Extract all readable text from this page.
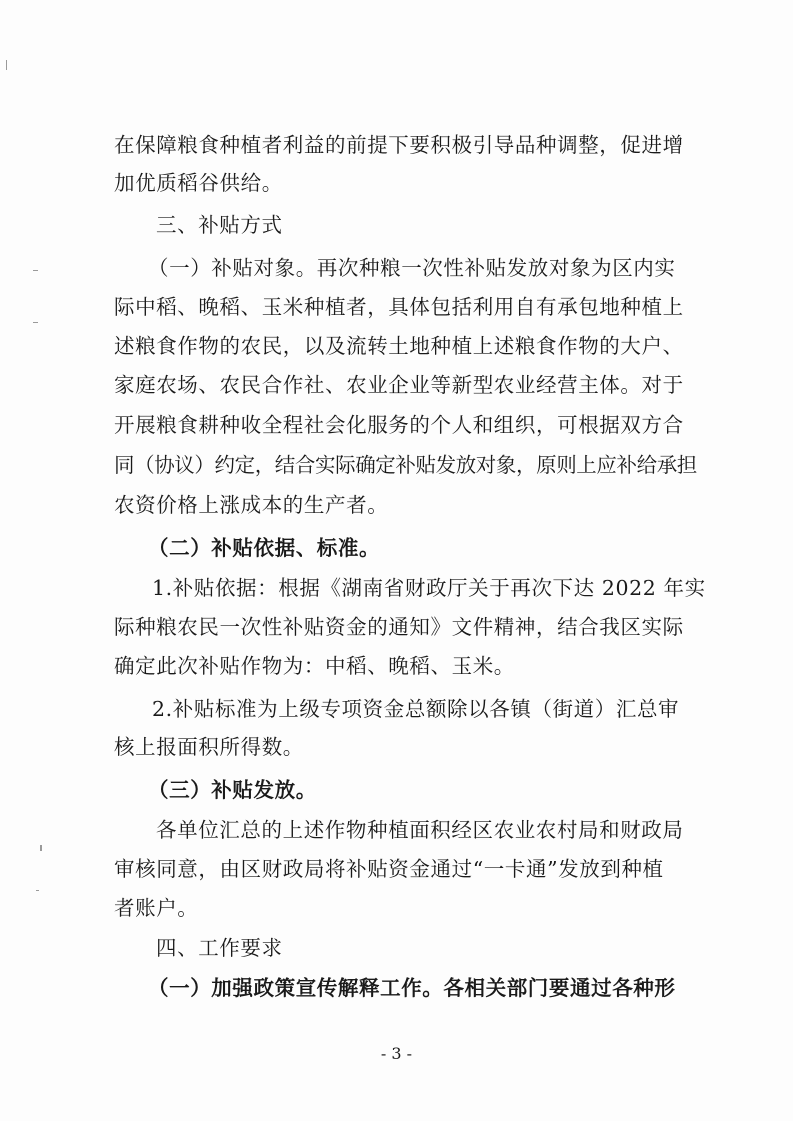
在保障粮食种植者利益的前提下要积极引导品种调整，促进增
加优质稻谷供给。
三、补贴方式
（一）补贴对象。再次种粮一次性补贴发放对象为区内实
际中稻、晚稻、玉米种植者，具体包括利用自有承包地种植上
述粮食作物的农民，以及流转土地种植上述粮食作物的大户、
家庭农场、农民合作社、农业企业等新型农业经营主体。对于
开展粮食耕种收全程社会化服务的个人和组织，可根据双方合
同（协议）约定，结合实际确定补贴发放对象，原则上应补给承担
农资价格上涨成本的生产者。
（二）补贴依据、标准。
1.补贴依据：根据《湖南省财政厅关于再次下达 2022 年实
际种粮农民一次性补贴资金的通知》文件精神，结合我区实际
确定此次补贴作物为：中稻、晚稻、玉米。
2.补贴标准为上级专项资金总额除以各镇（街道）汇总审
核上报面积所得数。
（三）补贴发放。
各单位汇总的上述作物种植面积经区农业农村局和财政局
审核同意，由区财政局将补贴资金通过“一卡通”发放到种植
者账户。
四、工作要求
（一）加强政策宣传解释工作。各相关部门要通过各种形
- 3 -
